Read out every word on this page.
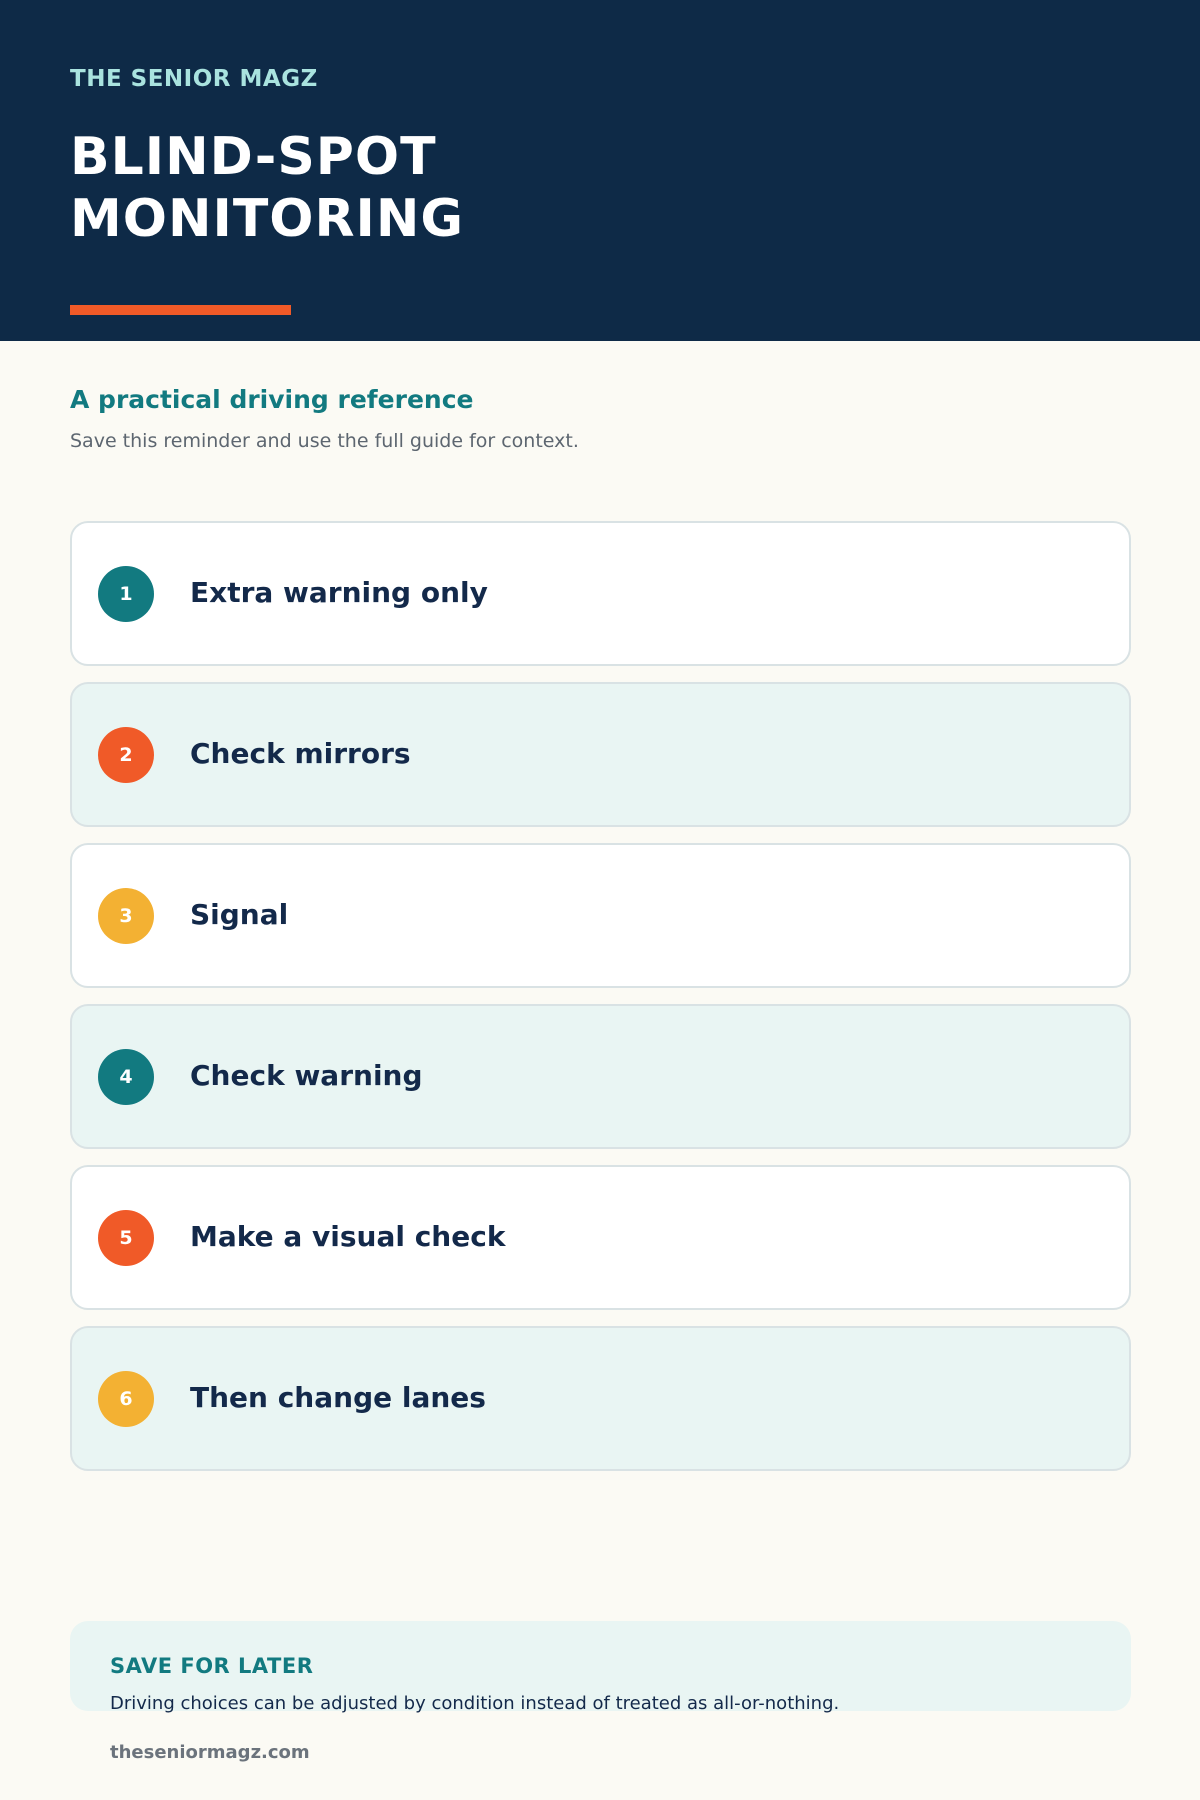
THE SENIOR MAGZ
BLIND-SPOT MONITORING
A practical driving reference
Save this reminder and use the full guide for context.
1	Extra warning only
2	Check mirrors
3	Signal
4	Check warning
5	Make a visual check
6	Then change lanes
SAVE FOR LATER
Driving choices can be adjusted by condition instead of treated as all-or-nothing.
theseniormagz.com
